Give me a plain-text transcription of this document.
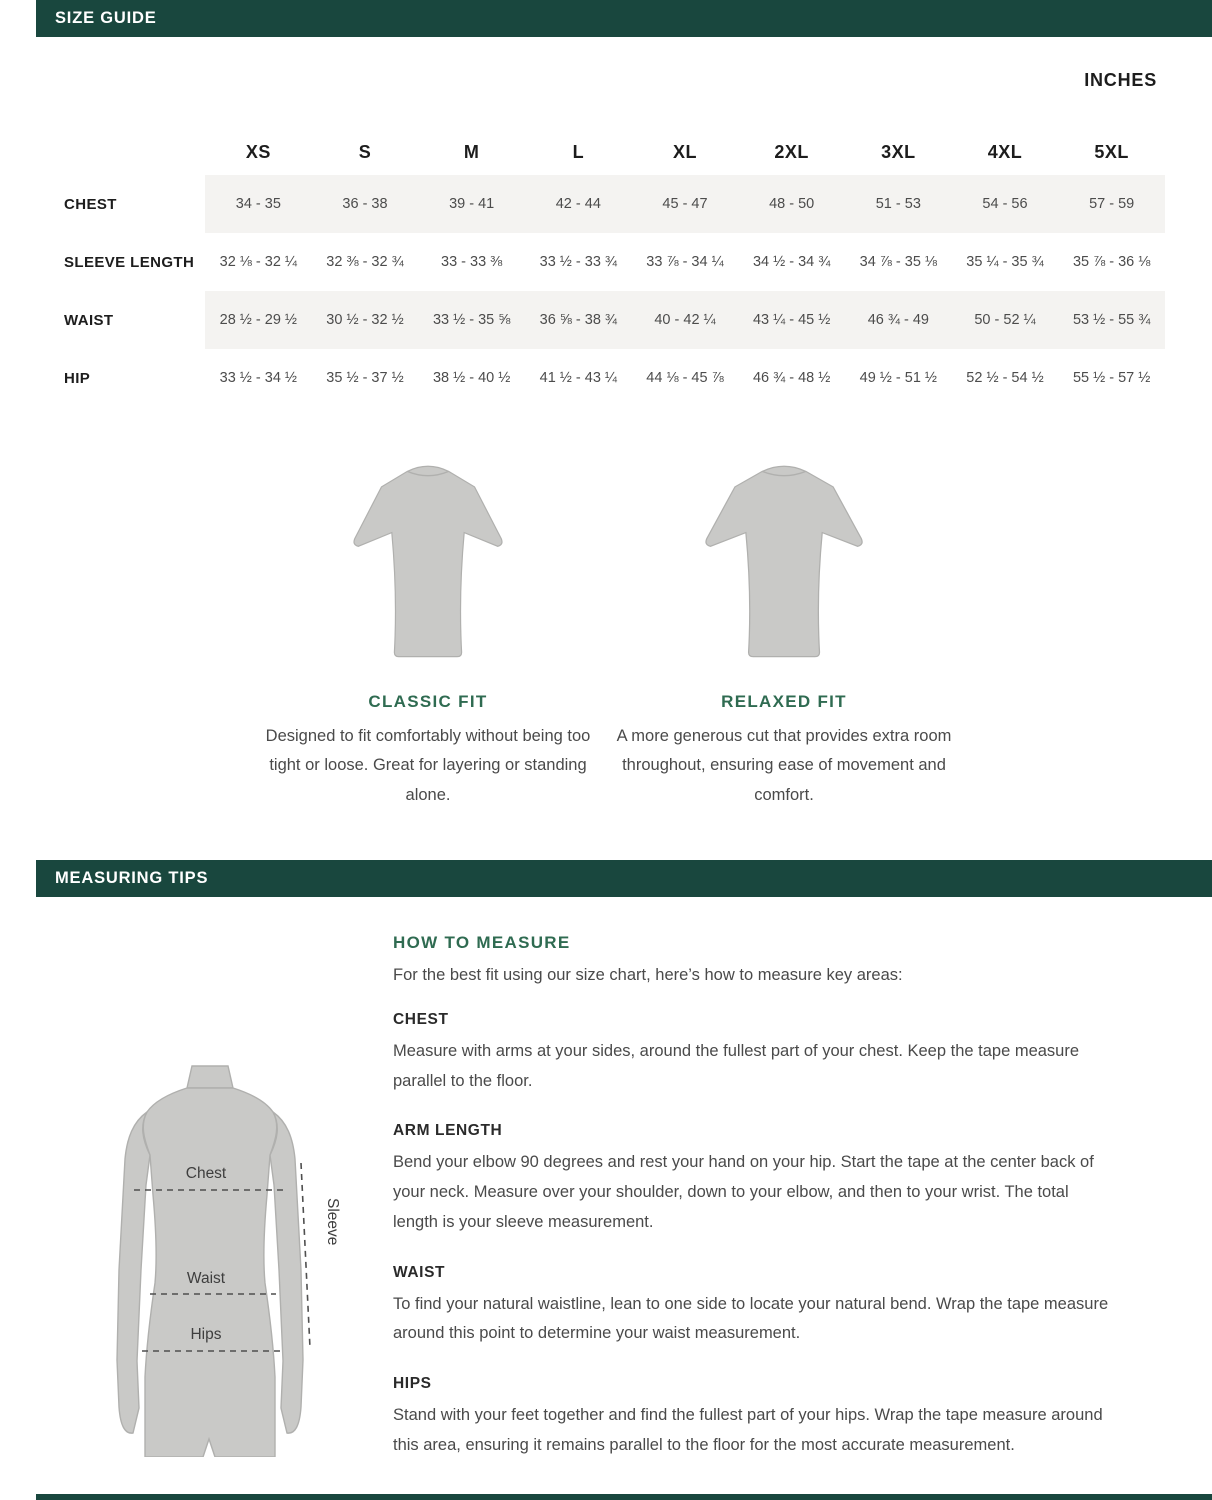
SIZE GUIDE
INCHES
XS	S	M	L	XL	2XL	3XL	4XL	5XL
CHEST	34 - 35	36 - 38	39 - 41	42 - 44	45 - 47	48 - 50	51 - 53	54 - 56	57 - 59
SLEEVE LENGTH	32 ⅛ - 32 ¼	32 ⅜ - 32 ¾	33 - 33 ⅜	33 ½ - 33 ¾	33 ⅞ - 34 ¼	34 ½ - 34 ¾	34 ⅞ - 35 ⅛	35 ¼ - 35 ¾	35 ⅞ - 36 ⅛
WAIST	28 ½ - 29 ½	30 ½ - 32 ½	33 ½ - 35 ⅝	36 ⅝ - 38 ¾	40 - 42 ¼	43 ¼ - 45 ½	46 ¾ - 49	50 - 52 ¼	53 ½ - 55 ¾
HIP	33 ½ - 34 ½	35 ½ - 37 ½	38 ½ - 40 ½	41 ½ - 43 ¼	44 ⅛ - 45 ⅞	46 ¾ - 48 ½	49 ½ - 51 ½	52 ½ - 54 ½	55 ½ - 57 ½
CLASSIC FIT

Designed to fit comfortably without being too tight or loose. Great for layering or standing alone.

RELAXED FIT

A more generous cut that provides extra room throughout, ensuring ease of movement and comfort.

MEASURING TIPS
Chest
Waist
Hips
Sleeve
HOW TO MEASURE
For the best fit using our size chart, here’s how to measure key areas:
CHEST
Measure with arms at your sides, around the fullest part of your chest. Keep the tape measure parallel to the floor.
ARM LENGTH
Bend your elbow 90 degrees and rest your hand on your hip. Start the tape at the center back of your neck. Measure over your shoulder, down to your elbow, and then to your wrist. The total length is your sleeve measurement.
WAIST
To find your natural waistline, lean to one side to locate your natural bend. Wrap the tape measure around this point to determine your waist measurement.
HIPS
Stand with your feet together and find the fullest part of your hips. Wrap the tape measure around this area, ensuring it remains parallel to the floor for the most accurate measurement.
